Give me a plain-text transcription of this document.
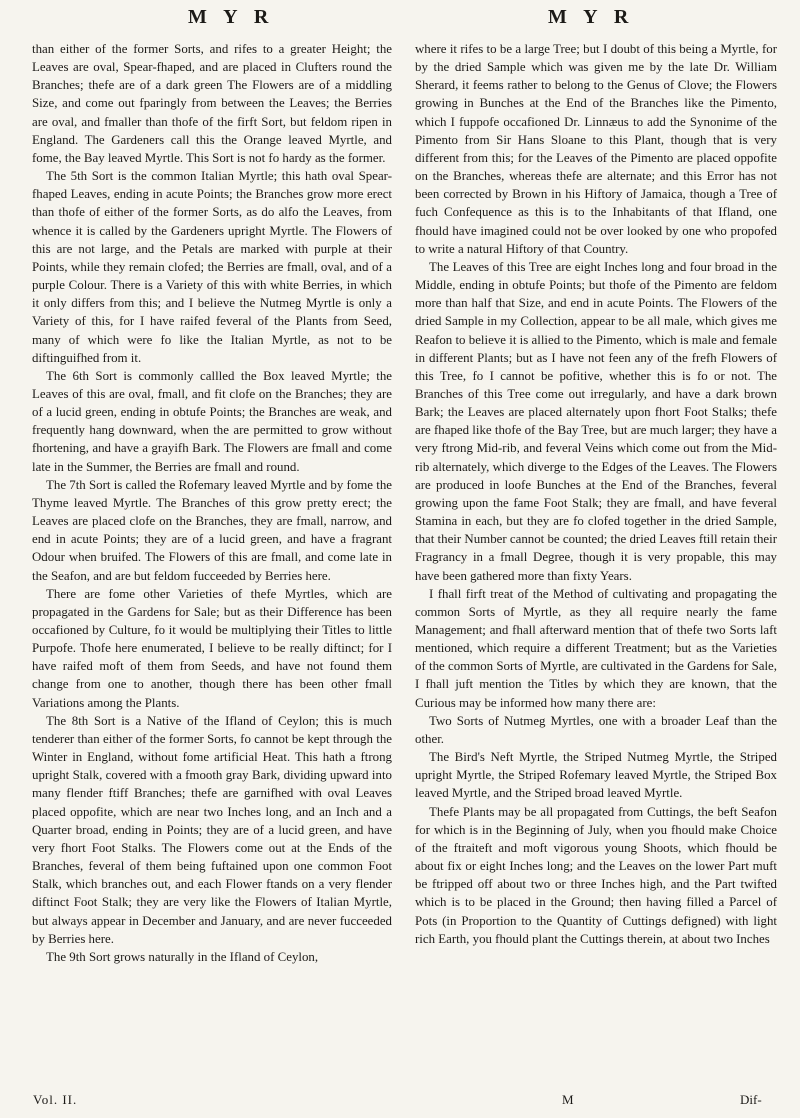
M Y R	M Y R

than either of the former Sorts, and rifes to a greater Height; the Leaves are oval, Spear-fhaped, and are placed in Clufters round the Branches; thefe are of a dark green The Flowers are of a middling Size, and come out fparingly from between the Leaves; the Berries are oval, and fmaller than thofe of the firft Sort, but feldom ripen in England. The Gardeners call this the Orange leaved Myrtle, and fome, the Bay leaved Myrtle. This Sort is not fo hardy as the former.

The 5th Sort is the common Italian Myrtle; this hath oval Spear-fhaped Leaves, ending in acute Points; the Branches grow more erect than thofe of either of the former Sorts, as do alfo the Leaves, from whence it is called by the Gardeners upright Myrtle. The Flowers of this are not large, and the Petals are marked with purple at their Points, while they remain clofed; the Berries are fmall, oval, and of a purple Colour. There is a Variety of this with white Berries, in which it only differs from this; and I believe the Nutmeg Myrtle is only a Variety of this, for I have raifed feveral of the Plants from Seed, many of which were fo like the Italian Myrtle, as not to be diftinguifhed from it.

The 6th Sort is commonly callled the Box leaved Myrtle; the Leaves of this are oval, fmall, and fit clofe on the Branches; they are of a lucid green, ending in obtufe Points; the Branches are weak, and frequently hang downward, when the are permitted to grow without fhortening, and have a grayifh Bark. The Flowers are fmall and come late in the Summer, the Berries are fmall and round.

The 7th Sort is called the Rofemary leaved Myrtle and by fome the Thyme leaved Myrtle. The Branches of this grow pretty erect; the Leaves are placed clofe on the Branches, they are fmall, narrow, and end in acute Points; they are of a lucid green, and have a fragrant Odour when bruifed. The Flowers of this are fmall, and come late in the Seafon, and are but feldom fucceeded by Berries here.

There are fome other Varieties of thefe Myrtles, which are propagated in the Gardens for Sale; but as their Difference has been occafioned by Culture, fo it would be multiplying their Titles to little Purpofe. Thofe here enumerated, I believe to be really diftinct; for I have raifed moft of them from Seeds, and have not found them change from one to another, though there has been other fmall Variations among the Plants.

The 8th Sort is a Native of the Ifland of Ceylon; this is much tenderer than either of the former Sorts, fo cannot be kept through the Winter in England, without fome artificial Heat. This hath a ftrong upright Stalk, covered with a fmooth gray Bark, dividing upward into many flender ftiff Branches; thefe are garnifhed with oval Leaves placed oppofite, which are near two Inches long, and an Inch and a Quarter broad, ending in Points; they are of a lucid green, and have very fhort Foot Stalks. The Flowers come out at the Ends of the Branches, feveral of them being fuftained upon one common Foot Stalk, which branches out, and each Flower ftands on a very flender diftinct Foot Stalk; they are very like the Flowers of Italian Myrtle, but always appear in December and January, and are never fucceeded by Berries here.

The 9th Sort grows naturally in the Ifland of Ceylon,

where it rifes to be a large Tree; but I doubt of this being a Myrtle, for by the dried Sample which was given me by the late Dr. William Sherard, it feems rather to belong to the Genus of Clove; the Flowers growing in Bunches at the End of the Branches like the Pimento, which I fuppofe occafioned Dr. Linnæus to add the Synonime of the Pimento from Sir Hans Sloane to this Plant, though that is very different from this; for the Leaves of the Pimento are placed oppofite on the Branches, whereas thefe are alternate; and this Error has not been corrected by Brown in his Hiftory of Jamaica, though a Tree of fuch Confequence as this is to the Inhabitants of that Ifland, one fhould have imagined could not be over looked by one who propofed to write a natural Hiftory of that Country.

The Leaves of this Tree are eight Inches long and four broad in the Middle, ending in obtufe Points; but thofe of the Pimento are feldom more than half that Size, and end in acute Points. The Flowers of the dried Sample in my Collection, appear to be all male, which gives me Reafon to believe it is allied to the Pimento, which is male and female in different Plants; but as I have not feen any of the frefh Flowers of this Tree, fo I cannot be pofitive, whether this is fo or not. The Branches of this Tree come out irregularly, and have a dark brown Bark; the Leaves are placed alternately upon fhort Foot Stalks; thefe are fhaped like thofe of the Bay Tree, but are much larger; they have a very ftrong Mid-rib, and feveral Veins which come out from the Mid-rib alternately, which diverge to the Edges of the Leaves. The Flowers are produced in loofe Bunches at the End of the Branches, feveral growing upon the fame Foot Stalk; they are fmall, and have feveral Stamina in each, but they are fo clofed together in the dried Sample, that their Number cannot be counted; the dried Leaves ftill retain their Fragrancy in a fmall Degree, though it is very propable, this may have been gathered more than fixty Years.

I fhall firft treat of the Method of cultivating and propagating the common Sorts of Myrtle, as they all require nearly the fame Management; and fhall afterward mention that of thefe two Sorts laft mentioned, which require a different Treatment; but as the Varieties of the common Sorts of Myrtle, are cultivated in the Gardens for Sale, I fhall juft mention the Titles by which they are known, that the Curious may be informed how many there are:

Two Sorts of Nutmeg Myrtles, one with a broader Leaf than the other.

The Bird's Neft Myrtle, the Striped Nutmeg Myrtle, the Striped upright Myrtle, the Striped Rofemary leaved Myrtle, the Striped Box leaved Myrtle, and the Striped broad leaved Myrtle.

Thefe Plants may be all propagated from Cuttings, the beft Seafon for which is in the Beginning of July, when you fhould make Choice of the ftraiteft and moft vigorous young Shoots, which fhould be about fix or eight Inches long; and the Leaves on the lower Part muft be ftripped off about two or three Inches high, and the Part twifted which is to be placed in the Ground; then having filled a Parcel of Pots (in Proportion to the Quantity of Cuttings defigned) with light rich Earth, you fhould plant the Cuttings therein, at about two Inches

Vol. II.	M	Dif-
